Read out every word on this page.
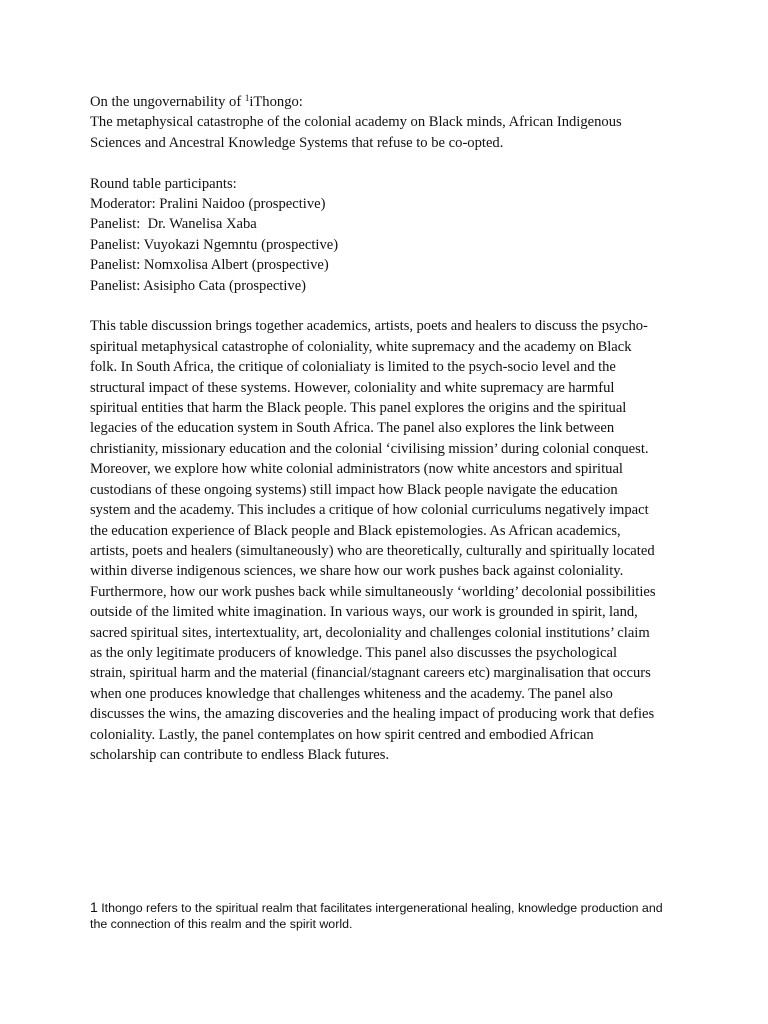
On the ungovernability of $^1$iThongo:
The metaphysical catastrophe of the colonial academy on Black minds, African Indigenous
Sciences and Ancestral Knowledge Systems that refuse to be co-opted.
Round table participants:
Moderator: Pralini Naidoo (prospective)
Panelist:  Dr. Wanelisa Xaba
Panelist: Vuyokazi Ngemntu (prospective)
Panelist: Nomxolisa Albert (prospective)
Panelist: Asisipho Cata (prospective)
This table discussion brings together academics, artists, poets and healers to discuss the psycho-
spiritual metaphysical catastrophe of coloniality, white supremacy and the academy on Black
folk. In South Africa, the critique of colonialiaty is limited to the psych-socio level and the
structural impact of these systems. However, coloniality and white supremacy are harmful
spiritual entities that harm the Black people. This panel explores the origins and the spiritual
legacies of the education system in South Africa. The panel also explores the link between
christianity, missionary education and the colonial ‘civilising mission’ during colonial conquest.
Moreover, we explore how white colonial administrators (now white ancestors and spiritual
custodians of these ongoing systems) still impact how Black people navigate the education
system and the academy. This includes a critique of how colonial curriculums negatively impact
the education experience of Black people and Black epistemologies. As African academics,
artists, poets and healers (simultaneously) who are theoretically, culturally and spiritually located
within diverse indigenous sciences, we share how our work pushes back against coloniality.
Furthermore, how our work pushes back while simultaneously ‘worlding’ decolonial possibilities
outside of the limited white imagination. In various ways, our work is grounded in spirit, land,
sacred spiritual sites, intertextuality, art, decoloniality and challenges colonial institutions’ claim
as the only legitimate producers of knowledge. This panel also discusses the psychological
strain, spiritual harm and the material (financial/stagnant careers etc) marginalisation that occurs
when one produces knowledge that challenges whiteness and the academy. The panel also
discusses the wins, the amazing discoveries and the healing impact of producing work that defies
coloniality. Lastly, the panel contemplates on how spirit centred and embodied African
scholarship can contribute to endless Black futures.
1 Ithongo refers to the spiritual realm that facilitates intergenerational healing, knowledge production and
the connection of this realm and the spirit world.
